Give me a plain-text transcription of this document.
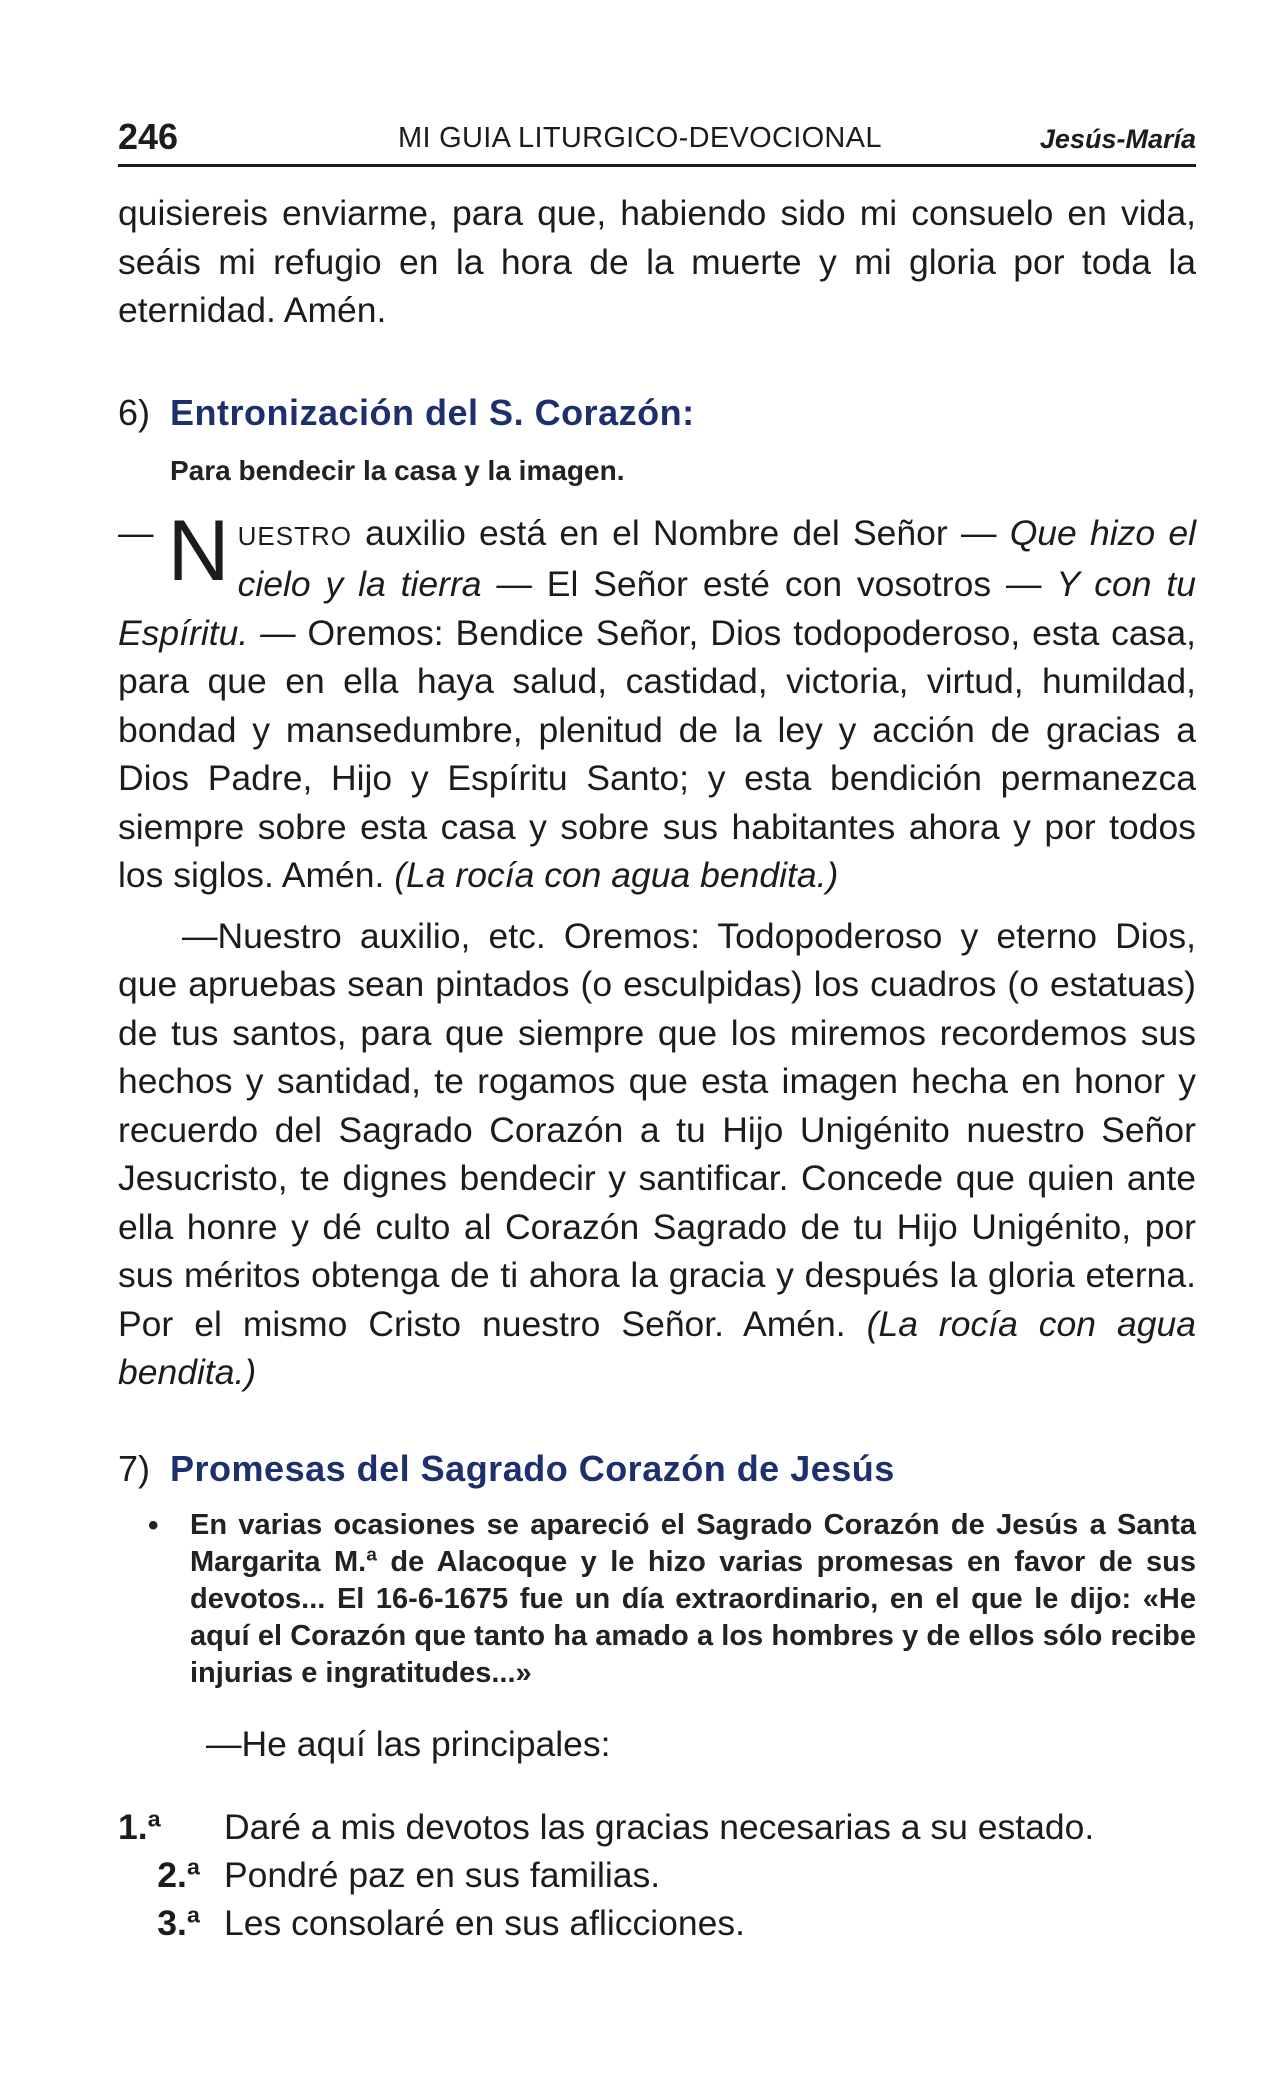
246	MI GUIA LITURGICO-DEVOCIONAL	Jesús-María

quisiereis enviarme, para que, habiendo sido mi consuelo en vida, seáis mi refugio en la hora de la muerte y mi gloria por toda la eternidad. Amén.

6) Entronización del S. Corazón:

Para bendecir la casa y la imagen.

— N UESTRO auxilio está en el Nombre del Señor — Que hizo el cielo y la tierra — El Señor esté con vosotros — Y con tu Espíritu. — Oremos: Bendice Señor, Dios todopoderoso, esta casa, para que en ella haya salud, castidad, victoria, virtud, humildad, bondad y mansedumbre, plenitud de la ley y acción de gracias a Dios Padre, Hijo y Espíritu Santo; y esta bendición permanezca siempre sobre esta casa y sobre sus habitantes ahora y por todos los siglos. Amén. (La rocía con agua bendita.)

—Nuestro auxilio, etc. Oremos: Todopoderoso y eterno Dios, que apruebas sean pintados (o esculpidas) los cuadros (o estatuas) de tus santos, para que siempre que los miremos recordemos sus hechos y santidad, te rogamos que esta imagen hecha en honor y recuerdo del Sagrado Corazón a tu Hijo Unigénito nuestro Señor Jesucristo, te dignes bendecir y santificar. Concede que quien ante ella honre y dé culto al Corazón Sagrado de tu Hijo Unigénito, por sus méritos obtenga de ti ahora la gracia y después la gloria eterna. Por el mismo Cristo nuestro Señor. Amén. (La rocía con agua bendita.)

7) Promesas del Sagrado Corazón de Jesús

• En varias ocasiones se apareció el Sagrado Corazón de Jesús a Santa Margarita M.ª de Alacoque y le hizo varias promesas en favor de sus devotos... El 16-6-1675 fue un día extraordinario, en el que le dijo: «He aquí el Corazón que tanto ha amado a los hombres y de ellos sólo recibe injurias e ingratitudes...»

—He aquí las principales:

1.ª Daré a mis devotos las gracias necesarias a su estado.

2.ª Pondré paz en sus familias.

3.ª Les consolaré en sus aflicciones.
